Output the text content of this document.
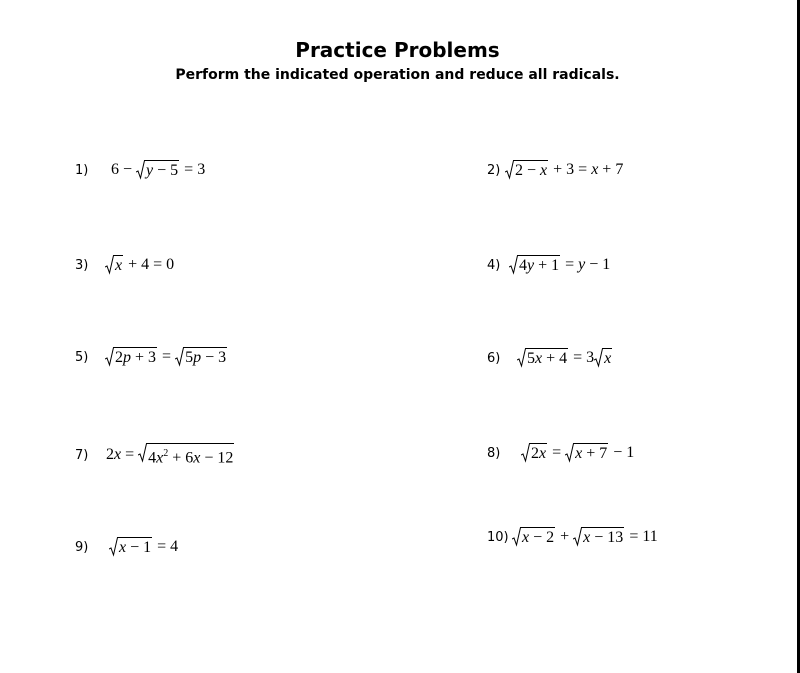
Practice Problems
Perform the indicated operation and reduce all radicals.
1)	6 − y − 5 = 3	2) 2 − x + 3 = x + 7
3)	x + 4 = 0	4)	4y + 1 = y − 1
5)	2p + 3 = 5p − 3	6)	5x + 4 = 3 x
7)	2 $x = 4x^2 + 6x - 12$	8)	2x = x + 7 − 1
9)	x − 1 = 4
10) x − 2 + x − 13 = 11
